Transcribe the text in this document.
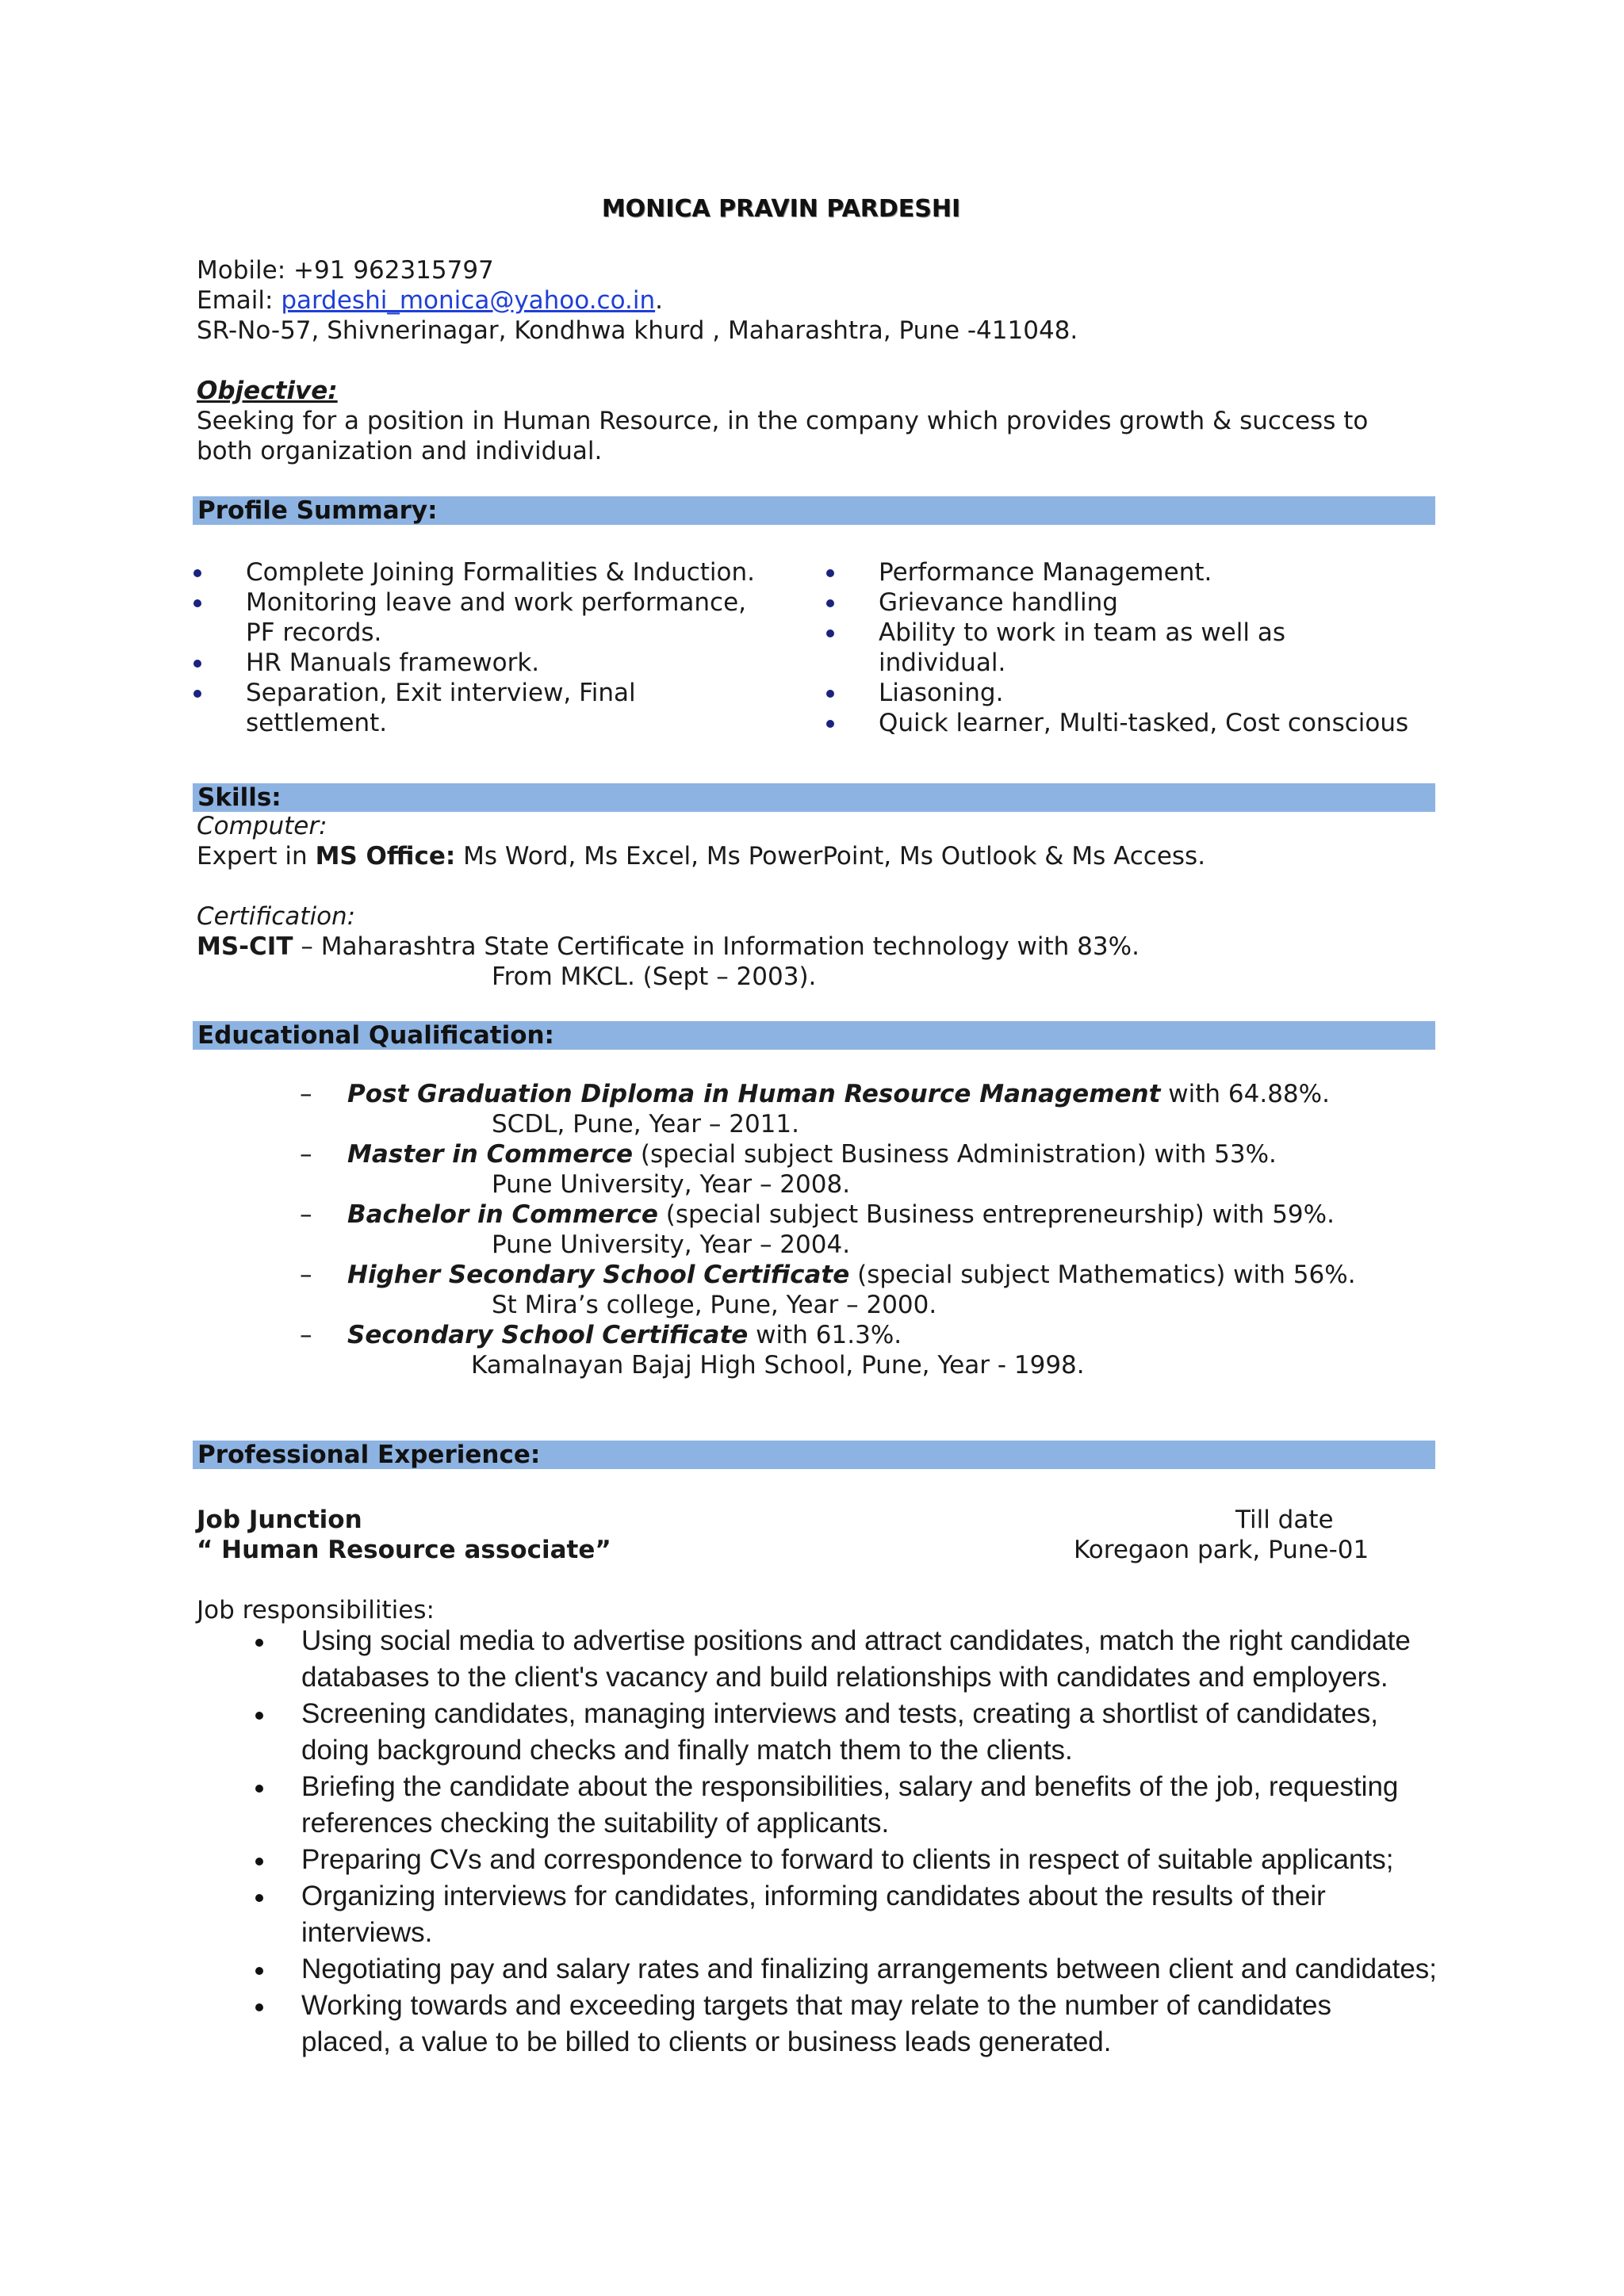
MONICA PRAVIN PARDESHI
Mobile: +91 962315797
Email: pardeshi_monica@yahoo.co.in.
SR-No-57, Shivnerinagar, Kondhwa khurd , Maharashtra, Pune -411048.
Objective:
Seeking for a position in Human Resource, in the company which provides growth & success to
both organization and individual.
Profile Summary:
Complete Joining Formalities & Induction.
Monitoring leave and work performance,
PF records.
HR Manuals framework.
Separation, Exit interview, Final
settlement.
Performance Management.
Grievance handling
Ability to work in team as well as
individual.
Liasoning.
Quick learner, Multi-tasked, Cost conscious
Skills:
Computer:
Expert in MS Office: Ms Word, Ms Excel, Ms PowerPoint, Ms Outlook & Ms Access.
Certification:
MS-CIT – Maharashtra State Certificate in Information technology with 83%.
From MKCL. (Sept – 2003).
Educational Qualification:
– Post Graduation Diploma in Human Resource Management with 64.88%.
SCDL, Pune, Year – 2011.
– Master in Commerce (special subject Business Administration) with 53%.
Pune University, Year – 2008.
– Bachelor in Commerce (special subject Business entrepreneurship) with 59%.
Pune University, Year – 2004.
– Higher Secondary School Certificate (special subject Mathematics) with 56%.
St Mira’s college, Pune, Year – 2000.
– Secondary School Certificate with 61.3%.
Kamalnayan Bajaj High School, Pune, Year - 1998.
Professional Experience:
Job Junction	Till date
“ Human Resource associate”	Koregaon park, Pune-01
Job responsibilities:
Using social media to advertise positions and attract candidates, match the right candidate
databases to the client's vacancy and build relationships with candidates and employers.
Screening candidates, managing interviews and tests, creating a shortlist of candidates,
doing background checks and finally match them to the clients.
Briefing the candidate about the responsibilities, salary and benefits of the job, requesting
references checking the suitability of applicants.
Preparing CVs and correspondence to forward to clients in respect of suitable applicants;
Organizing interviews for candidates, informing candidates about the results of their
interviews.
Negotiating pay and salary rates and finalizing arrangements between client and candidates;
Working towards and exceeding targets that may relate to the number of candidates
placed, a value to be billed to clients or business leads generated.
